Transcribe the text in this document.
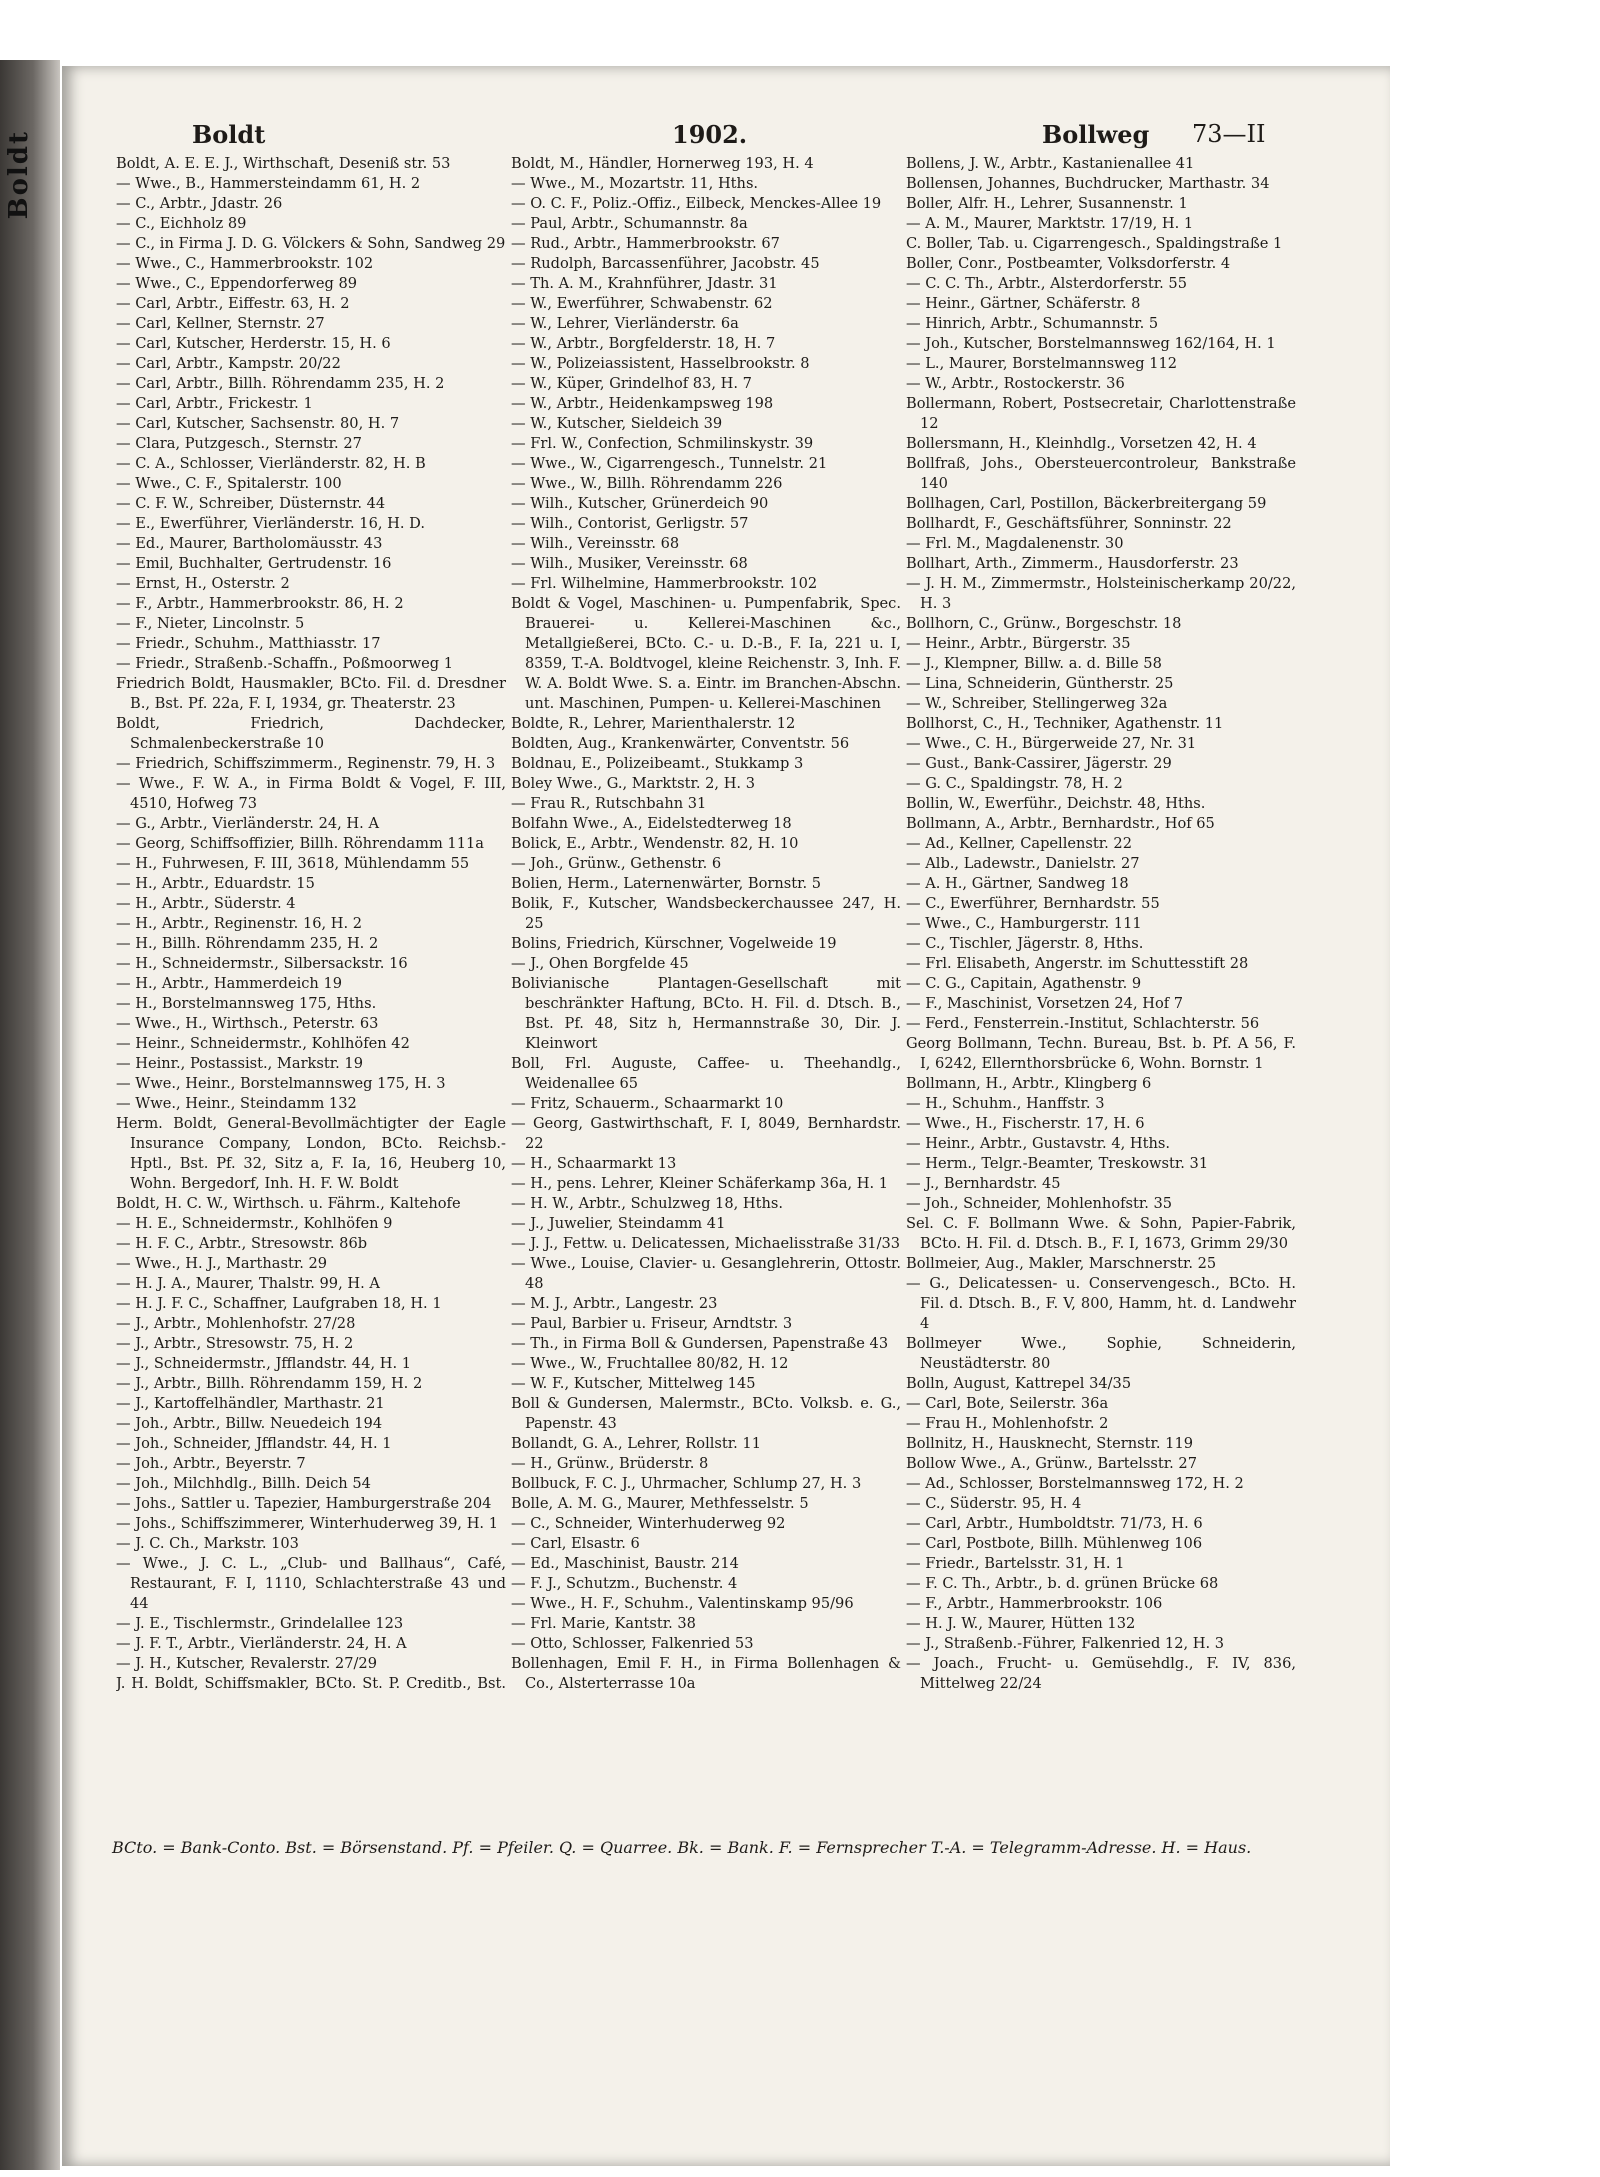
Boldt	Boldt	1902.	Bollweg 73—II

Boldt, A. E. E. J., Wirthschaft, Deseniß str. 53

— Wwe., B., Hammersteindamm 61, H. 2

— C., Arbtr., Jdastr. 26

— C., Eichholz 89

— C., in Firma J. D. G. Völckers & Sohn, Sandweg 29

— Wwe., C., Hammerbrookstr. 102

— Wwe., C., Eppendorferweg 89

— Carl, Arbtr., Eiffestr. 63, H. 2

— Carl, Kellner, Sternstr. 27

— Carl, Kutscher, Herderstr. 15, H. 6

— Carl, Arbtr., Kampstr. 20/22

— Carl, Arbtr., Billh. Röhrendamm 235, H. 2

— Carl, Arbtr., Frickestr. 1

— Carl, Kutscher, Sachsenstr. 80, H. 7

— Clara, Putzgesch., Sternstr. 27

— C. A., Schlosser, Vierländerstr. 82, H. B

— Wwe., C. F., Spitalerstr. 100

— C. F. W., Schreiber, Düsternstr. 44

— E., Ewerführer, Vierländerstr. 16, H. D.

— Ed., Maurer, Bartholomäusstr. 43

— Emil, Buchhalter, Gertrudenstr. 16

— Ernst, H., Osterstr. 2

— F., Arbtr., Hammerbrookstr. 86, H. 2

— F., Nieter, Lincolnstr. 5

— Friedr., Schuhm., Matthiasstr. 17

— Friedr., Straßenb.-Schaffn., Poßmoorweg 1

Friedrich Boldt, Hausmakler, BCto. Fil. d. Dresdner B., Bst. Pf. 22a, F. I, 1934, gr. Theaterstr. 23

Boldt, Friedrich, Dachdecker, Schmalenbeckerstraße 10

— Friedrich, Schiffszimmerm., Reginenstr. 79, H. 3

— Wwe., F. W. A., in Firma Boldt & Vogel, F. III, 4510, Hofweg 73

— G., Arbtr., Vierländerstr. 24, H. A

— Georg, Schiffsoffizier, Billh. Röhrendamm 111a

— H., Fuhrwesen, F. III, 3618, Mühlendamm 55

— H., Arbtr., Eduardstr. 15

— H., Arbtr., Süderstr. 4

— H., Arbtr., Reginenstr. 16, H. 2

— H., Billh. Röhrendamm 235, H. 2

— H., Schneidermstr., Silbersackstr. 16

— H., Arbtr., Hammerdeich 19

— H., Borstelmannsweg 175, Hths.

— Wwe., H., Wirthsch., Peterstr. 63

— Heinr., Schneidermstr., Kohlhöfen 42

— Heinr., Postassist., Markstr. 19

— Wwe., Heinr., Borstelmannsweg 175, H. 3

— Wwe., Heinr., Steindamm 132

Herm. Boldt, General-Bevollmächtigter der Eagle Insurance Company, London, BCto. Reichsb.-Hptl., Bst. Pf. 32, Sitz a, F. Ia, 16, Heuberg 10, Wohn. Bergedorf, Inh. H. F. W. Boldt

Boldt, H. C. W., Wirthsch. u. Fährm., Kaltehofe

— H. E., Schneidermstr., Kohlhöfen 9

— H. F. C., Arbtr., Stresowstr. 86b

— Wwe., H. J., Marthastr. 29

— H. J. A., Maurer, Thalstr. 99, H. A

— H. J. F. C., Schaffner, Laufgraben 18, H. 1

— J., Arbtr., Mohlenhofstr. 27/28

— J., Arbtr., Stresowstr. 75, H. 2

— J., Schneidermstr., Jfflandstr. 44, H. 1

— J., Arbtr., Billh. Röhrendamm 159, H. 2

— J., Kartoffelhändler, Marthastr. 21

— Joh., Arbtr., Billw. Neuedeich 194

— Joh., Schneider, Jfflandstr. 44, H. 1

— Joh., Arbtr., Beyerstr. 7

— Joh., Milchhdlg., Billh. Deich 54

— Johs., Sattler u. Tapezier, Hamburgerstraße 204

— Johs., Schiffszimmerer, Winterhuderweg 39, H. 1

— J. C. Ch., Markstr. 103

— Wwe., J. C. L., „Club- und Ballhaus“, Café, Restaurant, F. I, 1110, Schlachterstraße 43 und 44

— J. E., Tischlermstr., Grindelallee 123

— J. F. T., Arbtr., Vierländerstr. 24, H. A

— J. H., Kutscher, Revalerstr. 27/29

J. H. Boldt, Schiffsmakler, BCto. St. P. Creditb., Bst.

Boldt, M., Händler, Hornerweg 193, H. 4

— Wwe., M., Mozartstr. 11, Hths.

— O. C. F., Poliz.-Offiz., Eilbeck, Menckes-Allee 19

— Paul, Arbtr., Schumannstr. 8a

— Rud., Arbtr., Hammerbrookstr. 67

— Rudolph, Barcassenführer, Jacobstr. 45

— Th. A. M., Krahnführer, Jdastr. 31

— W., Ewerführer, Schwabenstr. 62

— W., Lehrer, Vierländerstr. 6a

— W., Arbtr., Borgfelderstr. 18, H. 7

— W., Polizeiassistent, Hasselbrookstr. 8

— W., Küper, Grindelhof 83, H. 7

— W., Arbtr., Heidenkampsweg 198

— W., Kutscher, Sieldeich 39

— Frl. W., Confection, Schmilinskystr. 39

— Wwe., W., Cigarrengesch., Tunnelstr. 21

— Wwe., W., Billh. Röhrendamm 226

— Wilh., Kutscher, Grünerdeich 90

— Wilh., Contorist, Gerligstr. 57

— Wilh., Vereinsstr. 68

— Wilh., Musiker, Vereinsstr. 68

— Frl. Wilhelmine, Hammerbrookstr. 102

Boldt & Vogel, Maschinen- u. Pumpenfabrik, Spec. Brauerei- u. Kellerei-Maschinen &c., Metallgießerei, BCto. C.- u. D.-B., F. Ia, 221 u. I, 8359, T.-A. Boldtvogel, kleine Reichenstr. 3, Inh. F. W. A. Boldt Wwe. S. a. Eintr. im Branchen-Abschn. unt. Maschinen, Pumpen- u. Kellerei-Maschinen

Boldte, R., Lehrer, Marienthalerstr. 12

Boldten, Aug., Krankenwärter, Conventstr. 56

Boldnau, E., Polizeibeamt., Stukkamp 3

Boley Wwe., G., Marktstr. 2, H. 3

— Frau R., Rutschbahn 31

Bolfahn Wwe., A., Eidelstedterweg 18

Bolick, E., Arbtr., Wendenstr. 82, H. 10

— Joh., Grünw., Gethenstr. 6

Bolien, Herm., Laternenwärter, Bornstr. 5

Bolik, F., Kutscher, Wandsbeckerchaussee 247, H. 25

Bolins, Friedrich, Kürschner, Vogelweide 19

— J., Ohen Borgfelde 45

Bolivianische Plantagen-Gesellschaft mit beschränkter Haftung, BCto. H. Fil. d. Dtsch. B., Bst. Pf. 48, Sitz h, Hermannstraße 30, Dir. J. Kleinwort

Boll, Frl. Auguste, Caffee- u. Theehandlg., Weidenallee 65

— Fritz, Schauerm., Schaarmarkt 10

— Georg, Gastwirthschaft, F. I, 8049, Bernhardstr. 22

— H., Schaarmarkt 13

— H., pens. Lehrer, Kleiner Schäferkamp 36a, H. 1

— H. W., Arbtr., Schulzweg 18, Hths.

— J., Juwelier, Steindamm 41

— J. J., Fettw. u. Delicatessen, Michaelisstraße 31/33

— Wwe., Louise, Clavier- u. Gesanglehrerin, Ottostr. 48

— M. J., Arbtr., Langestr. 23

— Paul, Barbier u. Friseur, Arndtstr. 3

— Th., in Firma Boll & Gundersen, Papenstraße 43

— Wwe., W., Fruchtallee 80/82, H. 12

— W. F., Kutscher, Mittelweg 145

Boll & Gundersen, Malermstr., BCto. Volksb. e. G., Papenstr. 43

Bollandt, G. A., Lehrer, Rollstr. 11

— H., Grünw., Brüderstr. 8

Bollbuck, F. C. J., Uhrmacher, Schlump 27, H. 3

Bolle, A. M. G., Maurer, Methfesselstr. 5

— C., Schneider, Winterhuderweg 92

— Carl, Elsastr. 6

— Ed., Maschinist, Baustr. 214

— F. J., Schutzm., Buchenstr. 4

— Wwe., H. F., Schuhm., Valentinskamp 95/96

— Frl. Marie, Kantstr. 38

— Otto, Schlosser, Falkenried 53

Bollenhagen, Emil F. H., in Firma Bollenhagen & Co., Alsterterrasse 10a

Bollens, J. W., Arbtr., Kastanienallee 41

Bollensen, Johannes, Buchdrucker, Marthastr. 34

Boller, Alfr. H., Lehrer, Susannenstr. 1

— A. M., Maurer, Marktstr. 17/19, H. 1

C. Boller, Tab. u. Cigarrengesch., Spaldingstraße 1

Boller, Conr., Postbeamter, Volksdorferstr. 4

— C. C. Th., Arbtr., Alsterdorferstr. 55

— Heinr., Gärtner, Schäferstr. 8

— Hinrich, Arbtr., Schumannstr. 5

— Joh., Kutscher, Borstelmannsweg 162/164, H. 1

— L., Maurer, Borstelmannsweg 112

— W., Arbtr., Rostockerstr. 36

Bollermann, Robert, Postsecretair, Charlottenstraße 12

Bollersmann, H., Kleinhdlg., Vorsetzen 42, H. 4

Bollfraß, Johs., Obersteuercontroleur, Bankstraße 140

Bollhagen, Carl, Postillon, Bäckerbreitergang 59

Bollhardt, F., Geschäftsführer, Sonninstr. 22

— Frl. M., Magdalenenstr. 30

Bollhart, Arth., Zimmerm., Hausdorferstr. 23

— J. H. M., Zimmermstr., Holsteinischerkamp 20/22, H. 3

Bollhorn, C., Grünw., Borgeschstr. 18

— Heinr., Arbtr., Bürgerstr. 35

— J., Klempner, Billw. a. d. Bille 58

— Lina, Schneiderin, Güntherstr. 25

— W., Schreiber, Stellingerweg 32a

Bollhorst, C., H., Techniker, Agathenstr. 11

— Wwe., C. H., Bürgerweide 27, Nr. 31

— Gust., Bank-Cassirer, Jägerstr. 29

— G. C., Spaldingstr. 78, H. 2

Bollin, W., Ewerführ., Deichstr. 48, Hths.

Bollmann, A., Arbtr., Bernhardstr., Hof 65

— Ad., Kellner, Capellenstr. 22

— Alb., Ladewstr., Danielstr. 27

— A. H., Gärtner, Sandweg 18

— C., Ewerführer, Bernhardstr. 55

— Wwe., C., Hamburgerstr. 111

— C., Tischler, Jägerstr. 8, Hths.

— Frl. Elisabeth, Angerstr. im Schuttesstift 28

— C. G., Capitain, Agathenstr. 9

— F., Maschinist, Vorsetzen 24, Hof 7

— Ferd., Fensterrein.-Institut, Schlachterstr. 56

Georg Bollmann, Techn. Bureau, Bst. b. Pf. A 56, F. I, 6242, Ellernthorsbrücke 6, Wohn. Bornstr. 1

Bollmann, H., Arbtr., Klingberg 6

— H., Schuhm., Hanffstr. 3

— Wwe., H., Fischerstr. 17, H. 6

— Heinr., Arbtr., Gustavstr. 4, Hths.

— Herm., Telgr.-Beamter, Treskowstr. 31

— J., Bernhardstr. 45

— Joh., Schneider, Mohlenhofstr. 35

Sel. C. F. Bollmann Wwe. & Sohn, Papier-Fabrik, BCto. H. Fil. d. Dtsch. B., F. I, 1673, Grimm 29/30

Bollmeier, Aug., Makler, Marschnerstr. 25

— G., Delicatessen- u. Conservengesch., BCto. H. Fil. d. Dtsch. B., F. V, 800, Hamm, ht. d. Landwehr 4

Bollmeyer Wwe., Sophie, Schneiderin, Neustädterstr. 80

Bolln, August, Kattrepel 34/35

— Carl, Bote, Seilerstr. 36a

— Frau H., Mohlenhofstr. 2

Bollnitz, H., Hausknecht, Sternstr. 119

Bollow Wwe., A., Grünw., Bartelsstr. 27

— Ad., Schlosser, Borstelmannsweg 172, H. 2

— C., Süderstr. 95, H. 4

— Carl, Arbtr., Humboldtstr. 71/73, H. 6

— Carl, Postbote, Billh. Mühlenweg 106

— Friedr., Bartelsstr. 31, H. 1

— F. C. Th., Arbtr., b. d. grünen Brücke 68

— F., Arbtr., Hammerbrookstr. 106

— H. J. W., Maurer, Hütten 132

— J., Straßenb.-Führer, Falkenried 12, H. 3

— Joach., Frucht- u. Gemüsehdlg., F. IV, 836, Mittelweg 22/24

BCto. = Bank-Conto. Bst. = Börsenstand. Pf. = Pfeiler. Q. = Quarree. Bk. = Bank. F. = Fernsprecher T.-A. = Telegramm-Adresse. H. = Haus.
